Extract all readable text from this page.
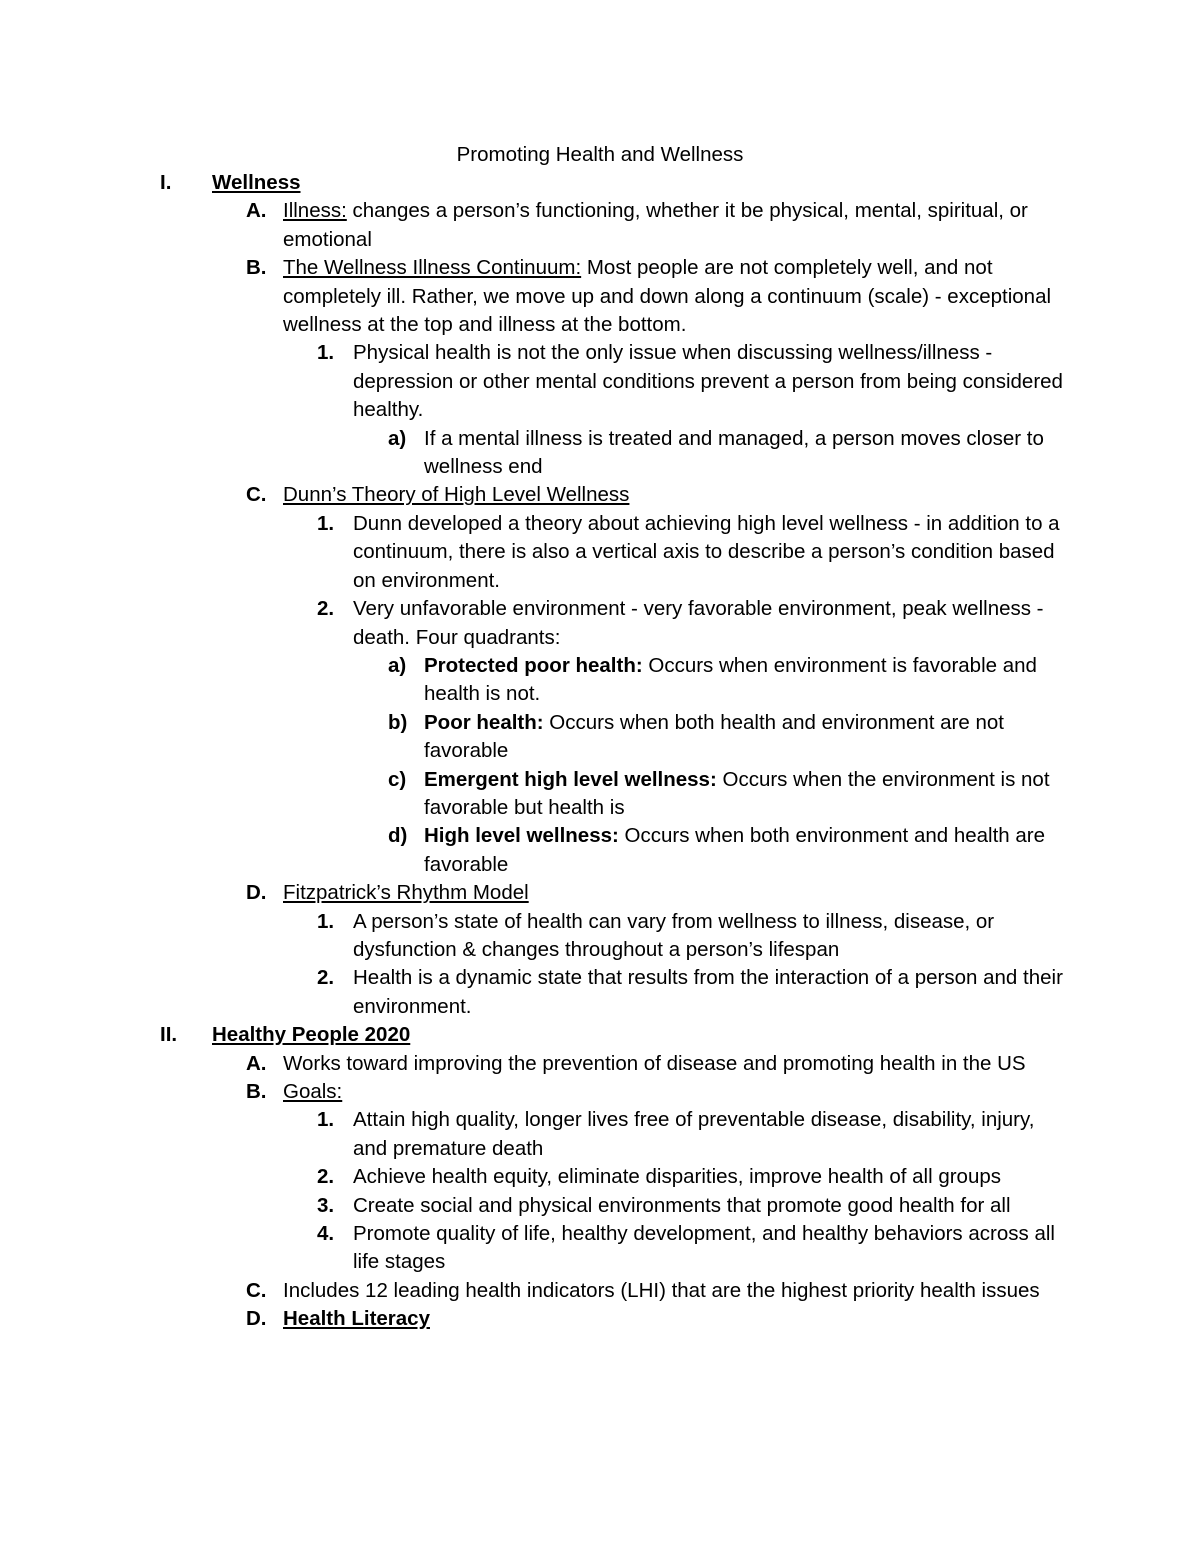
Promoting Health and Wellness
I. Wellness
A. Illness: changes a person’s functioning, whether it be physical, mental, spiritual, or emotional
B. The Wellness Illness Continuum: Most people are not completely well, and not completely ill. Rather, we move up and down along a continuum (scale) - exceptional wellness at the top and illness at the bottom.
1. Physical health is not the only issue when discussing wellness/illness - depression or other mental conditions prevent a person from being considered healthy.
a) If a mental illness is treated and managed, a person moves closer to wellness end
C. Dunn’s Theory of High Level Wellness
1. Dunn developed a theory about achieving high level wellness - in addition to a continuum, there is also a vertical axis to describe a person’s condition based on environment.
2. Very unfavorable environment - very favorable environment, peak wellness - death. Four quadrants:
a) Protected poor health: Occurs when environment is favorable and health is not.
b) Poor health: Occurs when both health and environment are not favorable
c) Emergent high level wellness: Occurs when the environment is not favorable but health is
d) High level wellness: Occurs when both environment and health are favorable
D. Fitzpatrick’s Rhythm Model
1. A person’s state of health can vary from wellness to illness, disease, or dysfunction & changes throughout a person’s lifespan
2. Health is a dynamic state that results from the interaction of a person and their environment.
II. Healthy People 2020
A. Works toward improving the prevention of disease and promoting health in the US
B. Goals:
1. Attain high quality, longer lives free of preventable disease, disability, injury, and premature death
2. Achieve health equity, eliminate disparities, improve health of all groups
3. Create social and physical environments that promote good health for all
4. Promote quality of life, healthy development, and healthy behaviors across all life stages
C. Includes 12 leading health indicators (LHI) that are the highest priority health issues
D. Health Literacy
